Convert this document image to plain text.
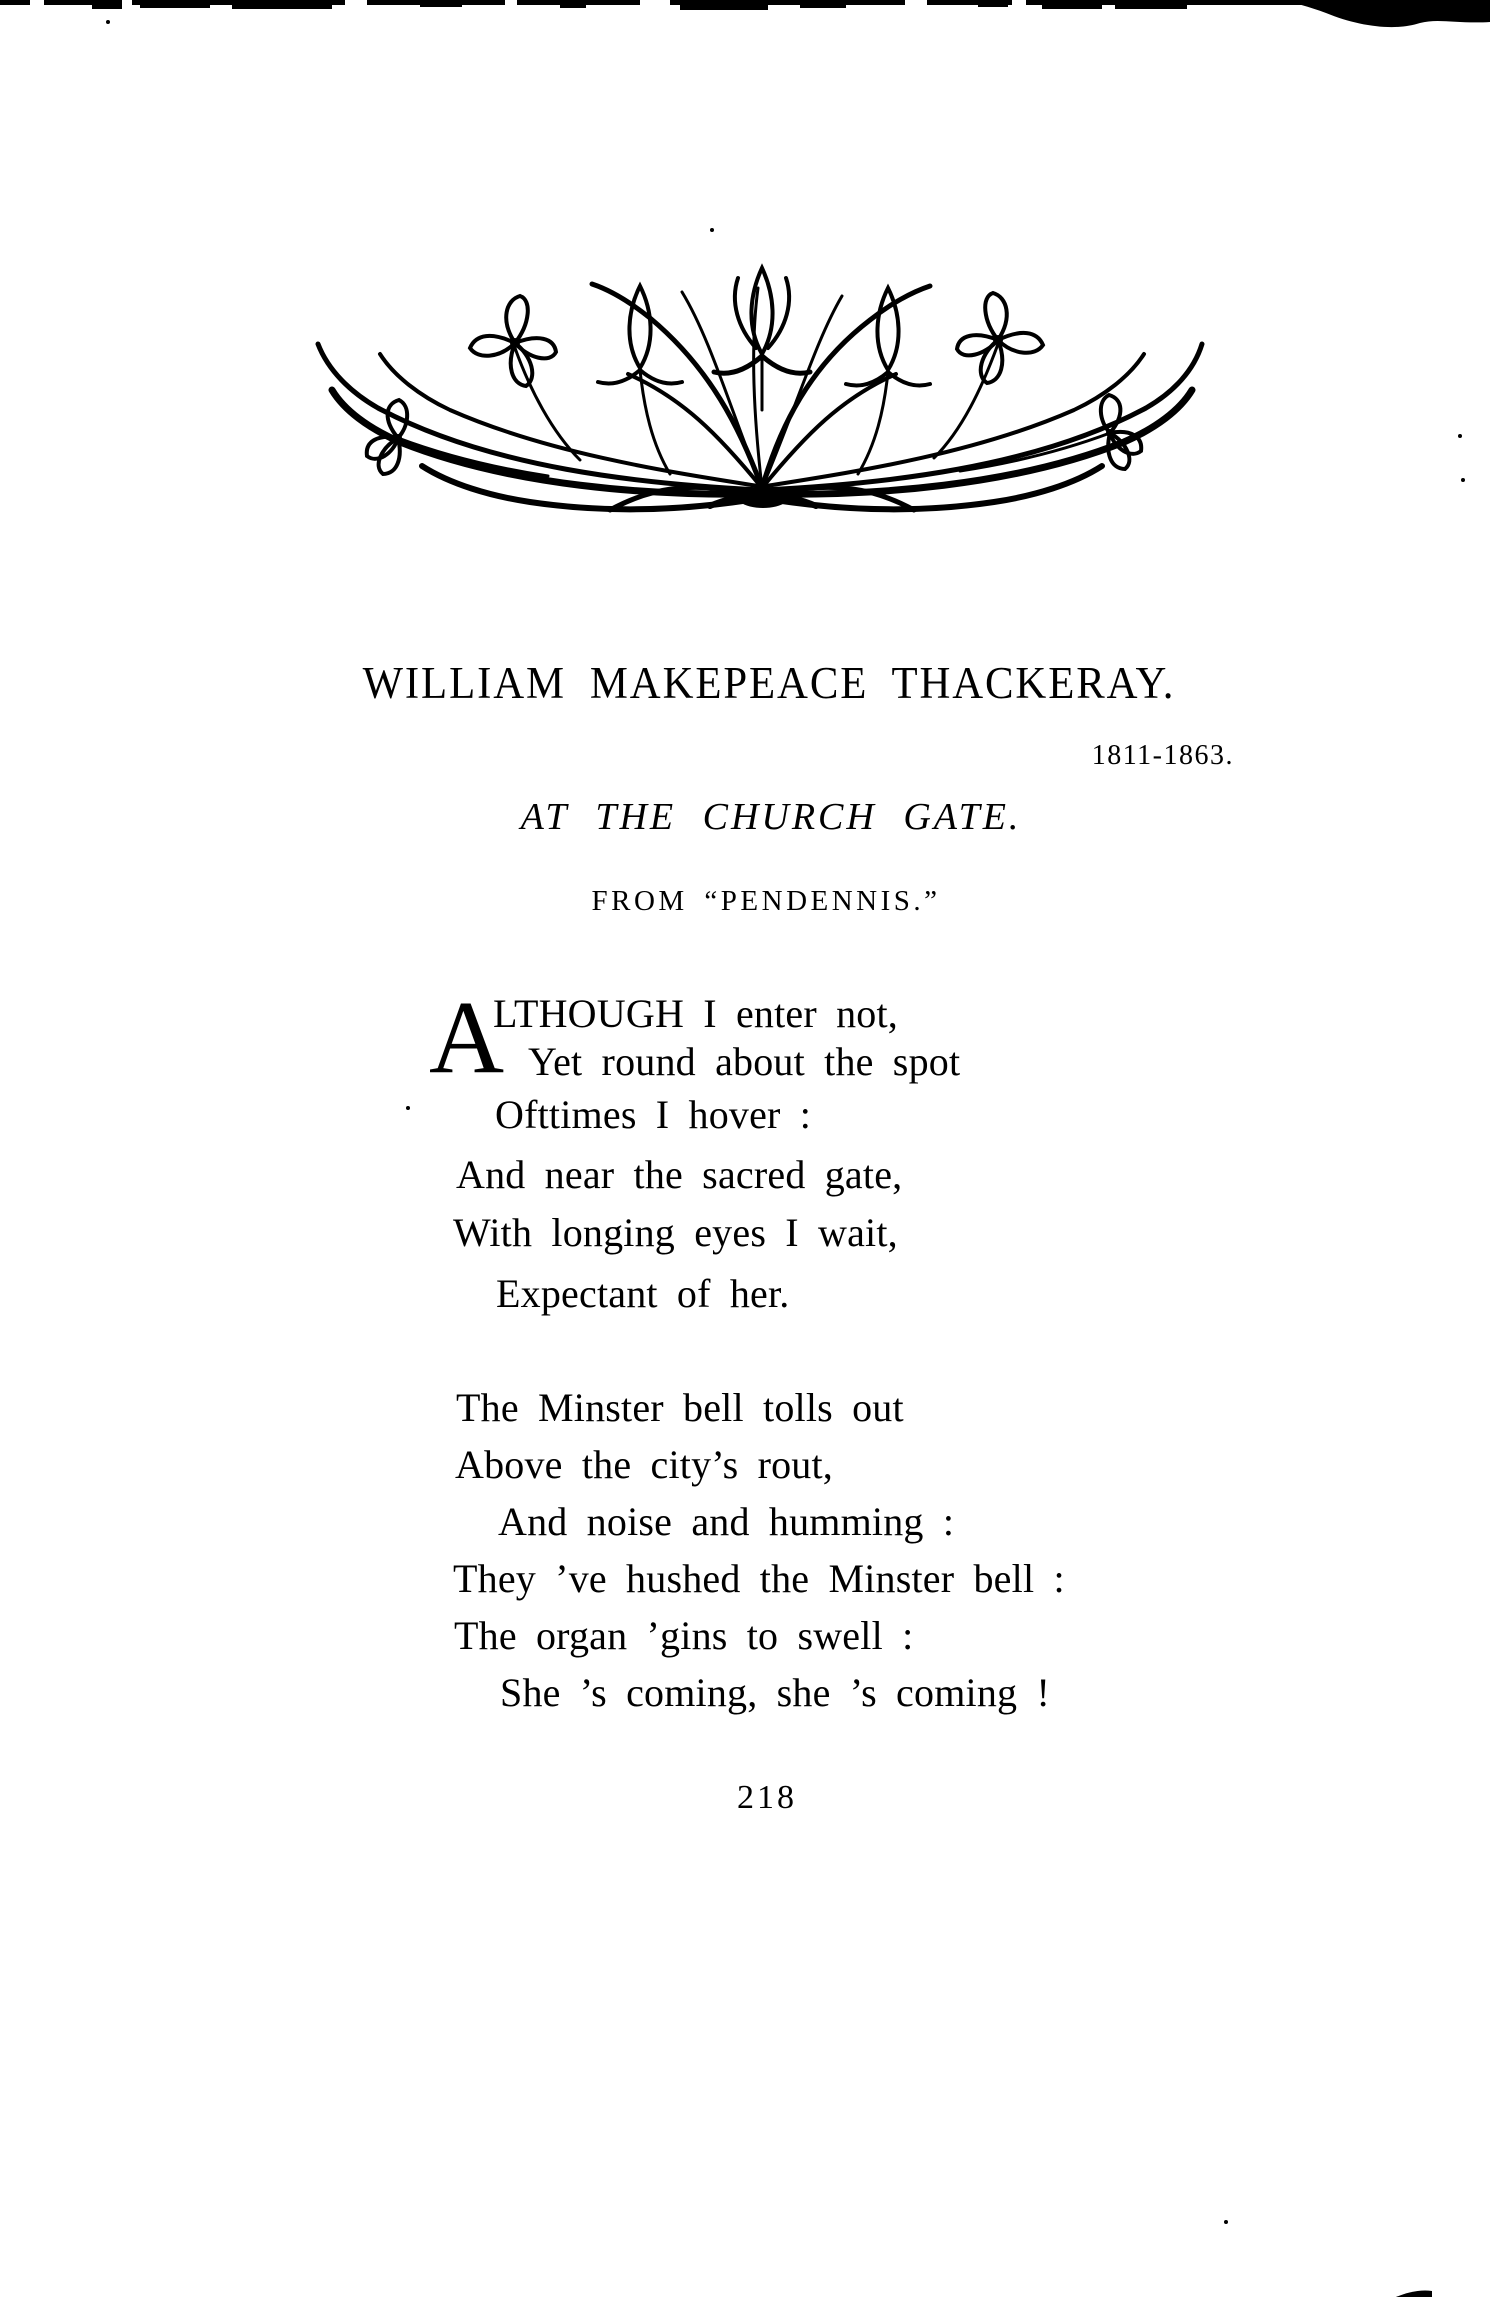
WILLIAM MAKEPEACE THACKERAY.
1811-1863.
AT THE CHURCH GATE.
FROM “PENDENNIS.”
A
LTHOUGH I enter not,
Yet round about the spot
Ofttimes I hover :
And near the sacred gate,
With longing eyes I wait,
Expectant of her.
The Minster bell tolls out
Above the city’s rout,
And noise and humming :
They ’ve hushed the Minster bell :
The organ ’gins to swell :
She ’s coming, she ’s coming !
218
